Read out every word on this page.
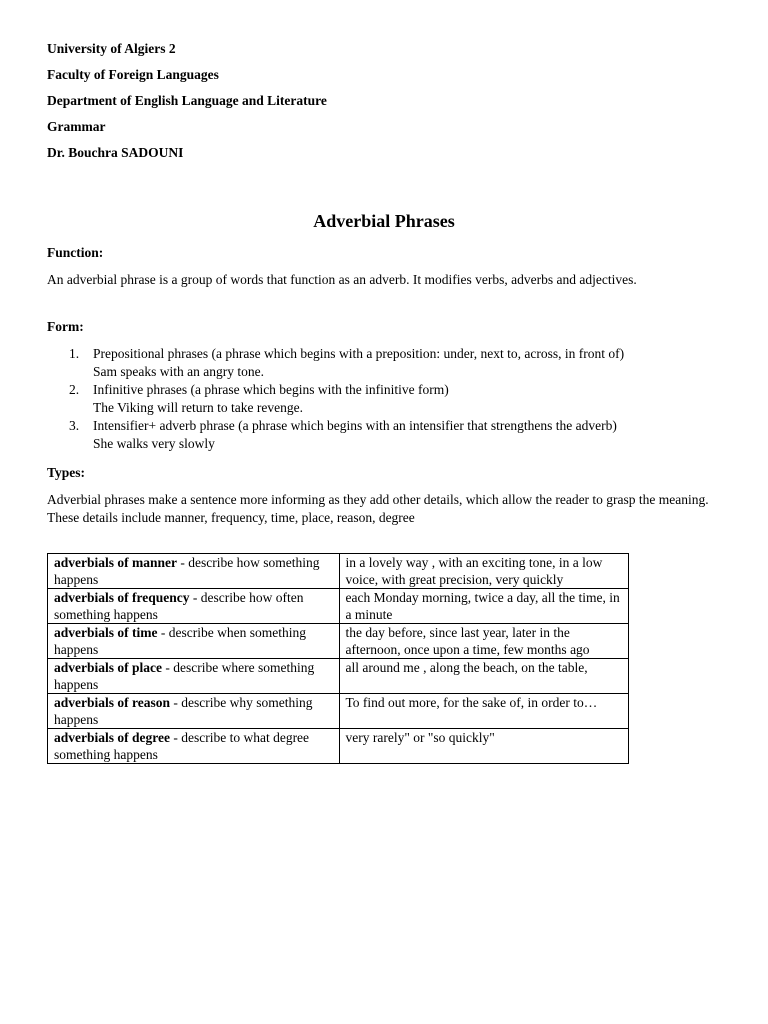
University of Algiers 2

Faculty of Foreign Languages

Department of English Language and Literature

Grammar

Dr. Bouchra SADOUNI

Adverbial Phrases

Function:

An adverbial phrase is a group of words that function as an adverb. It modifies verbs, adverbs and adjectives.

Form:

1. Prepositional phrases (a phrase which begins with a preposition: under, next to, across, in front of)
Sam speaks with an angry tone.
2. Infinitive phrases (a phrase which begins with the infinitive form)
The Viking will return to take revenge.
3. Intensifier+ adverb phrase (a phrase which begins with an intensifier that strengthens the adverb)
She walks very slowly

Types:

Adverbial phrases make a sentence more informing as they add other details, which allow the reader to grasp the meaning. These details include manner, frequency, time, place, reason, degree

adverbials of manner - describe how something happens	in a lovely way , with an exciting tone, in a low voice, with great precision, very quickly
adverbials of frequency - describe how often something happens	each Monday morning, twice a day, all the time, in a minute
adverbials of time - describe when something happens	the day before, since last year, later in the afternoon, once upon a time, few months ago
adverbials of place - describe where something happens	all around me , along the beach, on the table,
adverbials of reason - describe why something happens	To find out more, for the sake of, in order to…
adverbials of degree - describe to what degree something happens	very rarely" or "so quickly"
